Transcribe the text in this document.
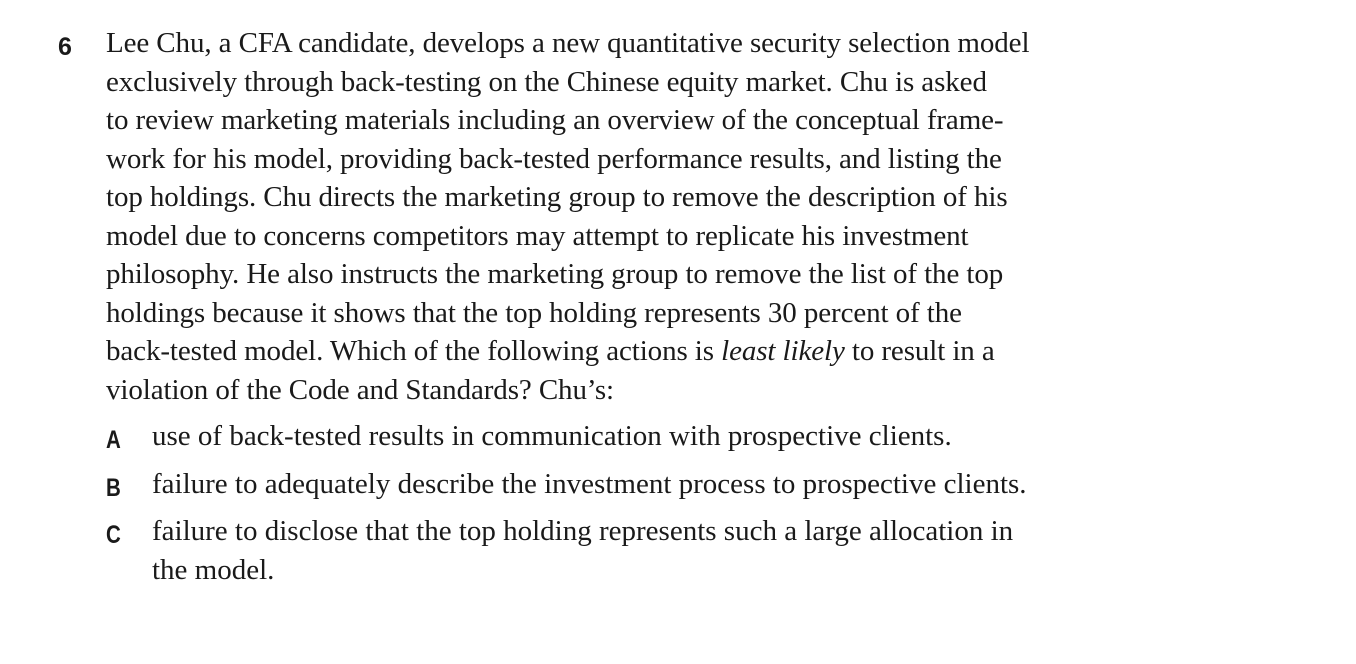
6 Lee Chu, a CFA candidate, develops a new quantitative security selection model
exclusively through back-testing on the Chinese equity market. Chu is asked
to review marketing materials including an overview of the conceptual frame-
work for his model, providing back-tested performance results, and listing the
top holdings. Chu directs the marketing group to remove the description of his
model due to concerns competitors may attempt to replicate his investment
philosophy. He also instructs the marketing group to remove the list of the top
holdings because it shows that the top holding represents 30 percent of the
back-tested model. Which of the following actions is least likely to result in a
violation of the Code and Standards? Chu’s:
A use of back-tested results in communication with prospective clients.
B failure to adequately describe the investment process to prospective clients.
C failure to disclose that the top holding represents such a large allocation in
the model.
